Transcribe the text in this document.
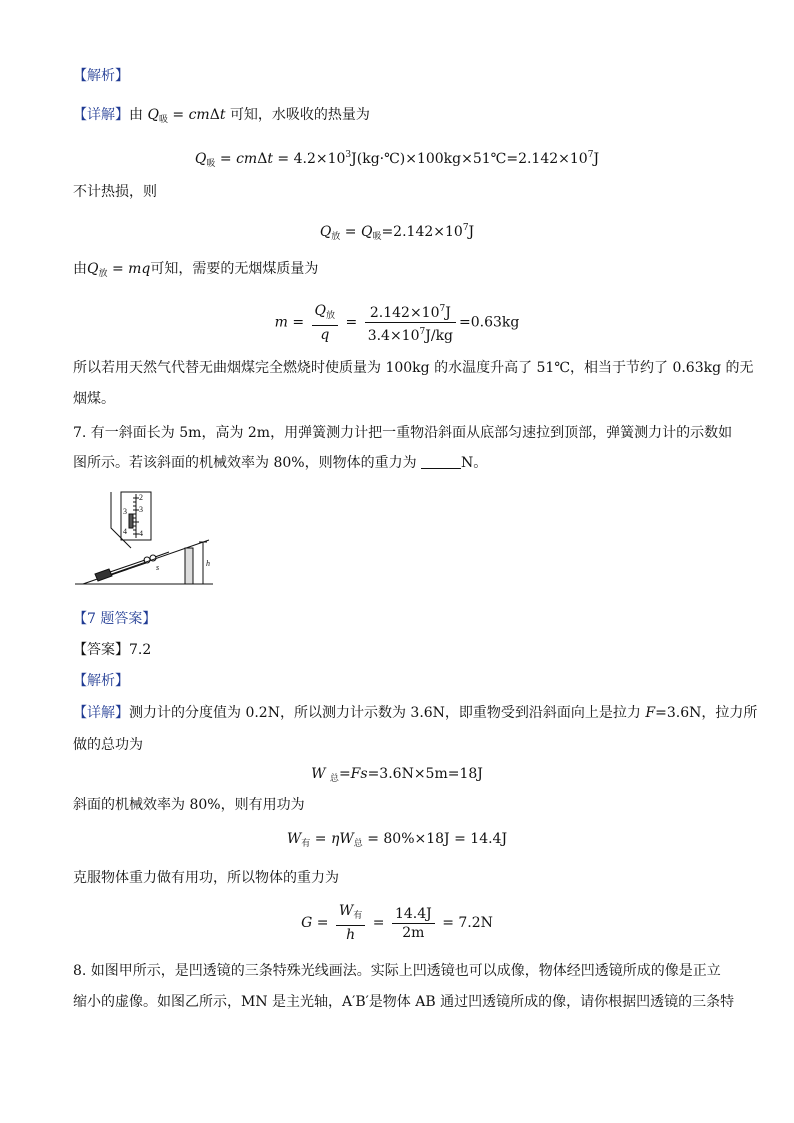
【解析】
【详解】由 $Q_吸 = cm\Delta t$ 可知，水吸收的热量为
$Q_吸 = cm\Delta t$ = $4.2\times 10^3J(kg\cdot℃)\times 100kg\times 51℃=2.142\times 10^7J$
不计热损，则
$Q_放 = Q_吸=2.142\times 10^7J$
由$Q_放$ = mq可知，需要的无烟煤质量为
$m = \frac{Q_放}{q} = \frac{2.142\times 10^7J}{3.4\times 10^7J/kg} =0.63kg$
所以若用天然气代替无曲烟煤完全燃烧时使质量为 100kg 的水温度升高了 51℃，相当于节约了 0.63kg 的无
烟煤。
7. 有一斜面长为 5m，高为 2m，用弹簧测力计把一重物沿斜面从底部匀速拉到顶部，弹簧测力计的示数如
图所示。若该斜面的机械效率为 80%，则物体的重力为	N。
2
3
4
3
4
s	h
【7 题答案】
【答案】7.2
【解析】
【详解】测力计的分度值为 0.2N，所以测力计示数为 3.6N，即重物受到沿斜面向上是拉力 F=3.6N，拉力所
做的总功为
W $_总$=Fs=3.6N×5m=18J
斜面的机械效率为 80%，则有用功为
$W_有 = \eta W_总 = 80\%\times 18J = 14.4J$
克服物体重力做有用功，所以物体的重力为
$G = \frac{W_有}{h} = \frac{14.4J}{2m} = 7.2N$
8. 如图甲所示，是凹透镜的三条特殊光线画法。实际上凹透镜也可以成像，物体经凹透镜所成的像是正立
缩小的虚像。如图乙所示，MN 是主光轴，A′B′是物体 AB 通过凹透镜所成的像，请你根据凹透镜的三条特
